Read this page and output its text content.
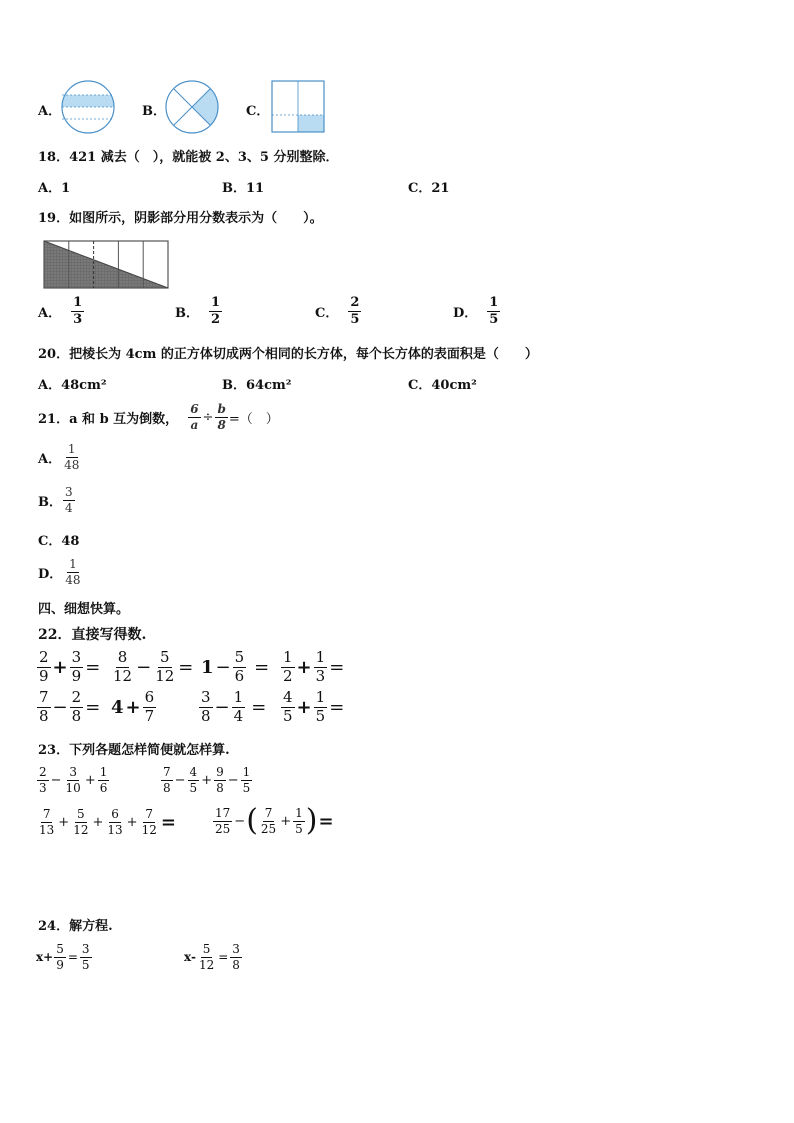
A．	B．	C．
18．421 减去（　），就能被 2、3、5 分别整除．
A．1	B．11	C．21
19．如图所示，阴影部分用分数表示为（　　）。
A． $\frac{1}{3}$	B． $\frac{1}{2}$	C． $\frac{2}{5}$	D． $\frac{1}{5}$
20．把棱长为 4cm 的正方体切成两个相同的长方体，每个长方体的表面积是（　　）
A．48cm²	B．64cm²	C．40cm²
21．a 和 b 互为倒数， $\frac{6}{a} \div \frac{b}{8}$ =（　）
A． $\frac{1}{48}$
B． $\frac{3}{4}$
C．48
D． $\frac{1}{48}$
四、细想快算。
22．直接写得数.
$\frac{2}{9} + \frac{3}{9} = \frac{8}{12} - \frac{5}{12} = 1 - \frac{5}{6} = \frac{1}{2} + \frac{1}{3}$ =
$\frac{7}{8} - \frac{2}{8} = 4 + \frac{6}{7}$	$\frac{3}{8} - \frac{1}{4} = \frac{4}{5} + \frac{1}{5}$ =
23．下列各题怎样简便就怎样算.
$\frac{2}{3} - \frac{3}{10} + \frac{1}{6}$	$\frac{7}{8} - \frac{4}{5} + \frac{9}{8} - \frac{1}{5}$
$\frac{7}{13} + \frac{5}{12} + \frac{6}{13} + \frac{7}{12}$ =	$\frac{17}{25}$ − ( $\frac{7}{25} + \frac{1}{5}$ ) =
24．解方程.
$x+ \frac{5}{9} = \frac{3}{5}$	$x- \frac{5}{12} = \frac{3}{8}$
